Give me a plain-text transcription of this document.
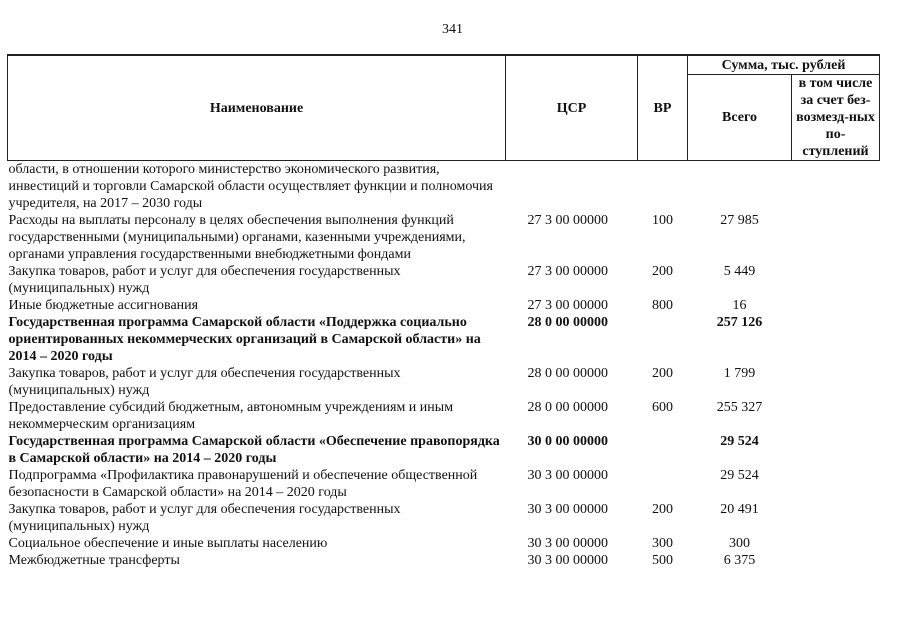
341
Наименование	ЦСР	ВР	Сумма, тыс. рублей	
			Всего	в том числе за счет без-возмезд-ных по-ступлений
области, в отношении которого министерство экономического развития, инвестиций и торговли Самарской области осуществляет функции и полномочия учредителя, на 2017 – 2030 годы				
Расходы на выплаты персоналу в целях обеспечения выполнения функций государственными (муниципальными) органами, казенными учреждениями, органами управления государственными внебюджетными фондами	27 3 00 00000	100	27 985	
Закупка товаров, работ и услуг для обеспечения государственных (муниципальных) нужд	27 3 00 00000	200	5 449	
Иные бюджетные ассигнования	27 3 00 00000	800	16	
Государственная программа Самарской области «Поддержка социально ориентированных некоммерческих организаций в Самарской области» на 2014 – 2020 годы	28 0 00 00000		257 126	
Закупка товаров, работ и услуг для обеспечения государственных (муниципальных) нужд	28 0 00 00000	200	1 799	
Предоставление субсидий бюджетным, автономным учреждениям и иным некоммерческим организациям	28 0 00 00000	600	255 327	
Государственная программа Самарской области «Обеспечение правопорядка в Самарской области» на 2014 – 2020 годы	30 0 00 00000		29 524	
Подпрограмма «Профилактика правонарушений и обеспечение общественной безопасности в Самарской области» на 2014 – 2020 годы	30 3 00 00000		29 524	
Закупка товаров, работ и услуг для обеспечения государственных (муниципальных) нужд	30 3 00 00000	200	20 491	
Социальное обеспечение и иные выплаты населению	30 3 00 00000	300	300	
Межбюджетные трансферты	30 3 00 00000	500	6 375	
